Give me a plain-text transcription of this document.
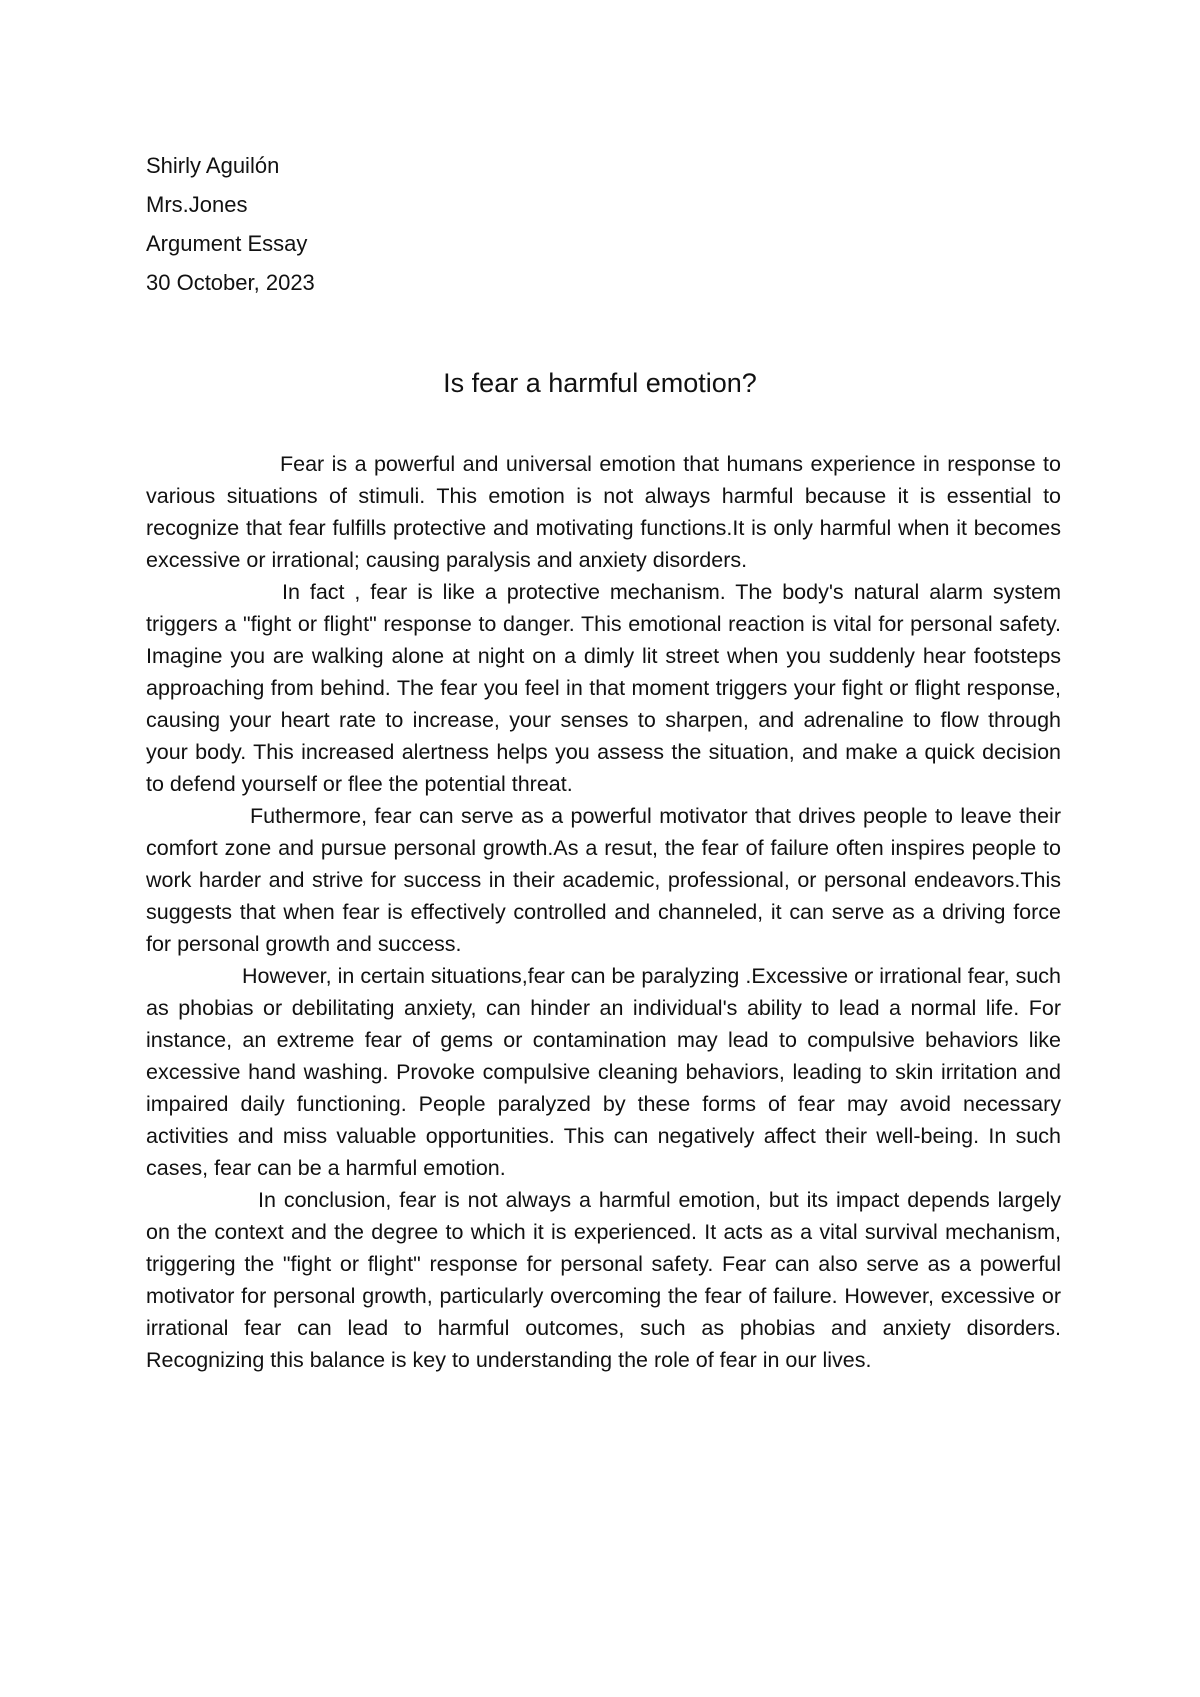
Shirly Aguilón
Mrs.Jones
Argument Essay
30 October, 2023
Is fear a harmful emotion?

Fear is a powerful and universal emotion that humans experience in response to various situations of stimuli. This emotion is not always harmful because it is essential to recognize that fear fulfills protective and motivating functions.It is only harmful when it becomes excessive or irrational; causing paralysis and anxiety disorders.

In fact , fear is like a protective mechanism. The body's natural alarm system triggers a "fight or flight" response to danger. This emotional reaction is vital for personal safety. Imagine you are walking alone at night on a dimly lit street when you suddenly hear footsteps approaching from behind. The fear you feel in that moment triggers your fight or flight response, causing your heart rate to increase, your senses to sharpen, and adrenaline to flow through your body. This increased alertness helps you assess the situation, and make a quick decision to defend yourself or flee the potential threat.

Futhermore, fear can serve as a powerful motivator that drives people to leave their comfort zone and pursue personal growth.As a resut, the fear of failure often inspires people to work harder and strive for success in their academic, professional, or personal endeavors.This suggests that when fear is effectively controlled and channeled, it can serve as a driving force for personal growth and success.

However, in certain situations,fear can be paralyzing .Excessive or irrational fear, such as phobias or debilitating anxiety, can hinder an individual's ability to lead a normal life. For instance, an extreme fear of gems or contamination may lead to compulsive behaviors like excessive hand washing. Provoke compulsive cleaning behaviors, leading to skin irritation and impaired daily functioning. People paralyzed by these forms of fear may avoid necessary activities and miss valuable opportunities. This can negatively affect their well-being. In such cases, fear can be a harmful emotion.

In conclusion, fear is not always a harmful emotion, but its impact depends largely on the context and the degree to which it is experienced. It acts as a vital survival mechanism, triggering the "fight or flight" response for personal safety. Fear can also serve as a powerful motivator for personal growth, particularly overcoming the fear of failure. However, excessive or irrational fear can lead to harmful outcomes, such as phobias and anxiety disorders. Recognizing this balance is key to understanding the role of fear in our lives.
